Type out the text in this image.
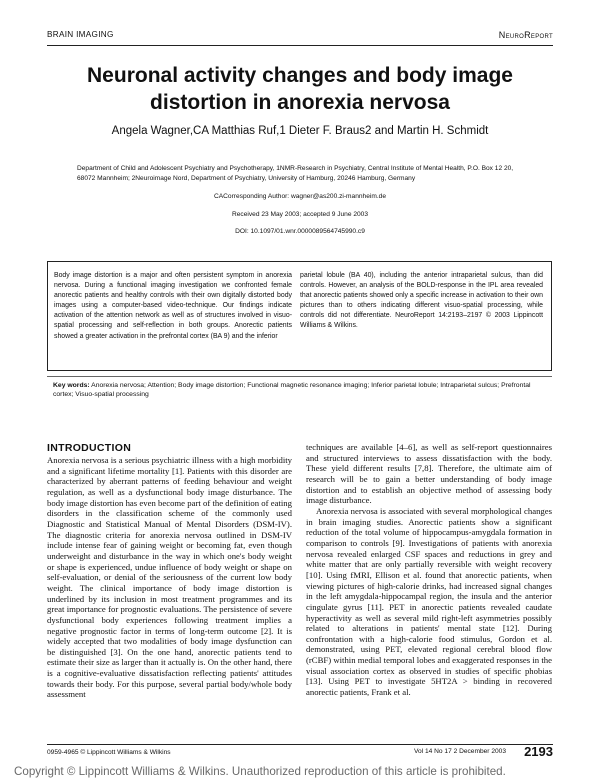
BRAIN IMAGING	NeuroReport
Neuronal activity changes and body image distortion in anorexia nervosa
Angela Wagner,CA Matthias Ruf,1 Dieter F. Braus2 and Martin H. Schmidt
Department of Child and Adolescent Psychiatry and Psychotherapy, 1NMR-Research in Psychiatry, Central Institute of Mental Health, P.O. Box 12 20, 68072 Mannheim; 2Neuroimage Nord, Department of Psychiatry, University of Hamburg, 20246 Hamburg, Germany
CACorresponding Author: wagner@as200.zi-mannheim.de
Received 23 May 2003; accepted 9 June 2003
DOI: 10.1097/01.wnr.0000089564745990.c9
Body image distortion is a major and often persistent symptom in anorexia nervosa. During a functional imaging investigation we confronted female anorectic patients and healthy controls with their own digitally distorted body images using a computer-based video-technique. Our findings indicate activation of the attention network as well as of structures involved in visuo-spatial processing and self-reflection in both groups. Anorectic patients showed a greater activation in the prefrontal cortex (BA 9) and the inferior
parietal lobule (BA 40), including the anterior intraparietal sulcus, than did controls. However, an analysis of the BOLD-response in the IPL area revealed that anorectic patients showed only a specific increase in activation to their own pictures than to others indicating different visuo-spatial processing, while controls did not differentiate. NeuroReport 14:2193–2197 © 2003 Lippincott Williams & Wilkins.
Key words: Anorexia nervosa; Attention; Body image distortion; Functional magnetic resonance imaging; Inferior parietal lobule; Intraparietal sulcus; Prefrontal cortex; Visuo-spatial processing
INTRODUCTION

Anorexia nervosa is a serious psychiatric illness with a high morbidity and a significant lifetime mortality [1]. Patients with this disorder are characterized by aberrant patterns of feeding behaviour and weight regulation, as well as a dysfunctional body image disturbance. The body image distortion has even become part of the definition of eating disorders in the classification scheme of the commonly used Diagnostic and Statistical Manual of Mental Disorders (DSM-IV). The diagnostic criteria for anorexia nervosa outlined in DSM-IV include intense fear of gaining weight or becoming fat, even though underweight and disturbance in the way in which one's body weight or shape is experienced, undue influence of body weight or shape on self-evaluation, or denial of the seriousness of the current low body weight. The clinical importance of body image distortion is underlined by its inclusion in most treatment programmes and its great importance for prognostic evaluations. The persistence of severe dysfunctional body experiences following treatment implies a negative prognostic factor in terms of long-term outcome [2]. It is widely accepted that two modalities of body image dysfunction can be distinguished [3]. On the one hand, anorectic patients tend to estimate their size as larger than it actually is. On the other hand, there is a cognitive-evaluative dissatisfaction reflecting patients' attitudes towards their body. For this purpose, several partial body/whole body assessment

techniques are available [4–6], as well as self-report questionnaires and structured interviews to assess dissatisfaction with the body. These yield different results [7,8]. Therefore, the ultimate aim of research will be to gain a better understanding of body image distortion and to establish an objective method of assessing body image disturbance.

Anorexia nervosa is associated with several morphological changes in brain imaging studies. Anorectic patients show a significant reduction of the total volume of hippocampus-amygdala formation in comparison to controls [9]. Investigations of patients with anorexia nervosa revealed enlarged CSF spaces and reductions in grey and white matter that are only partially reversible with weight recovery [10]. Using fMRI, Ellison et al. found that anorectic patients, when viewing pictures of high-calorie drinks, had increased signal changes in the left amygdala-hippocampal region, the insula and the anterior cingulate gyrus [11]. PET in anorectic patients revealed caudate hyperactivity as well as several mild right-left asymmetries possibly related to alterations in patients' mental state [12]. During confrontation with a high-calorie food stimulus, Gordon et al. demonstrated, using PET, elevated regional cerebral blood flow (rCBF) within medial temporal lobes and exaggerated responses in the visual association cortex as observed in studies of specific phobias [13]. Using PET to investigate 5HT2A > binding in recovered anorectic patients, Frank et al.

0959-4965 © Lippincott Williams & Wilkins	Vol 14 No 17 2 December 2003 2193
Copyright © Lippincott Williams & Wilkins. Unauthorized reproduction of this article is prohibited.
